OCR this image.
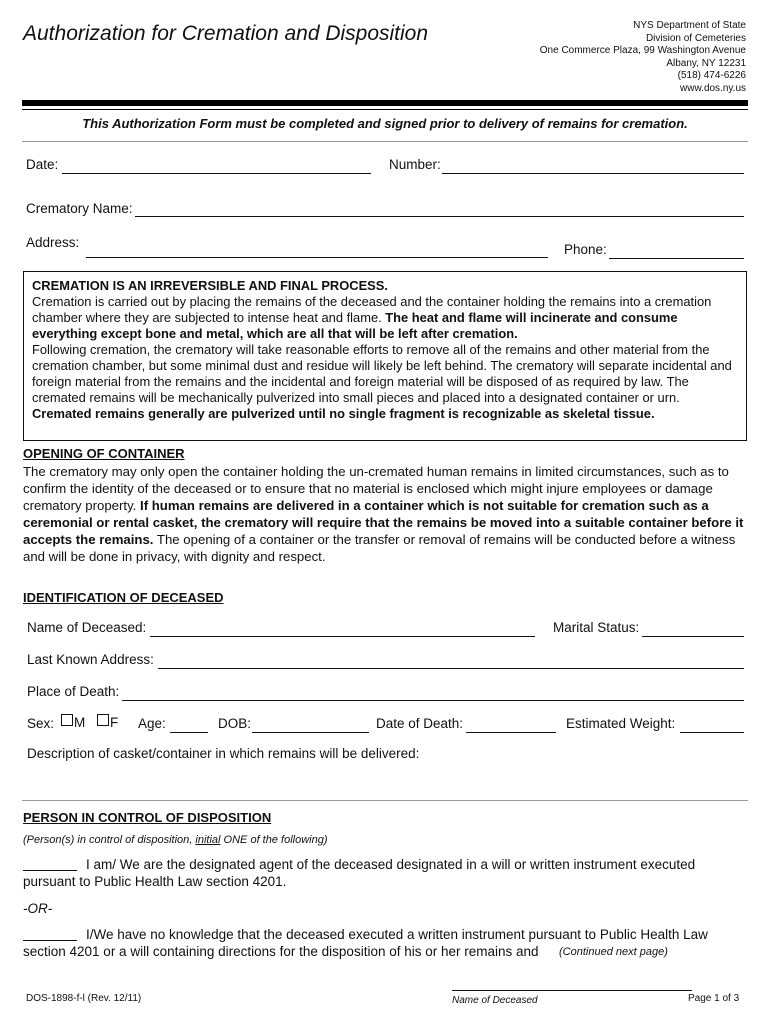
Authorization for Cremation and Disposition	NYS Department of State
Division of Cemeteries
One Commerce Plaza, 99 Washington Avenue
Albany, NY 12231
(518) 474-6226
www.dos.ny.us
This Authorization Form must be completed and signed prior to delivery of remains for cremation.
Date:	Number:
Crematory Name:
Address:	Phone:
CREMATION IS AN IRREVERSIBLE AND FINAL PROCESS.
Cremation is carried out by placing the remains of the deceased and the container holding the remains into a cremation chamber where they are subjected to intense heat and flame. The heat and flame will incinerate and consume everything except bone and metal, which are all that will be left after cremation.
Following cremation, the crematory will take reasonable efforts to remove all of the remains and other material from the cremation chamber, but some minimal dust and residue will likely be left behind. The crematory will separate incidental and foreign material from the remains and the incidental and foreign material will be disposed of as required by law. The cremated remains will be mechanically pulverized into small pieces and placed into a designated container or urn. Cremated remains generally are pulverized until no single fragment is recognizable as skeletal tissue.
OPENING OF CONTAINER
The crematory may only open the container holding the un-cremated human remains in limited circumstances, such as to confirm the identity of the deceased or to ensure that no material is enclosed which might injure employees or damage crematory property. If human remains are delivered in a container which is not suitable for cremation such as a ceremonial or rental casket, the crematory will require that the remains be moved into a suitable container before it accepts the remains. The opening of a container or the transfer or removal of remains will be conducted before a witness and will be done in privacy, with dignity and respect.
IDENTIFICATION OF DECEASED
Name of Deceased:	Marital Status:
Last Known Address:
Place of Death:
Sex:	M	F Age:	DOB:	Date of Death:	Estimated Weight:
Description of casket/container in which remains will be delivered:
PERSON IN CONTROL OF DISPOSITION
(Person(s) in control of disposition, initial ONE of the following)
I am/ We are the designated agent of the deceased designated in a will or written instrument executed
pursuant to Public Health Law section 4201.
-OR-
I/We have no knowledge that the deceased executed a written instrument pursuant to Public Health Law
section 4201 or a will containing directions for the disposition of his or her remains and (Continued next page)
DOS-1898-f-l (Rev. 12/11)	Name of Deceased	Page 1 of 3
